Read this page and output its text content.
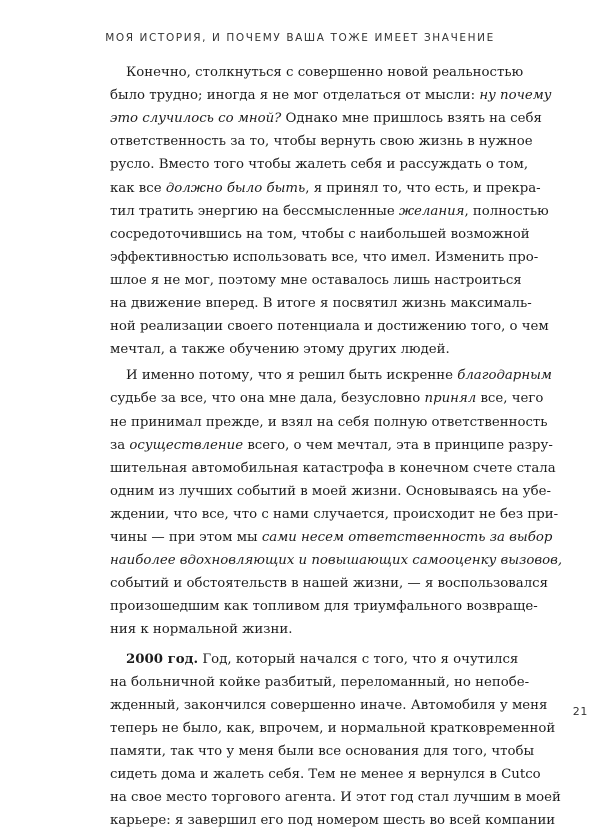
МОЯ ИСТОРИЯ, И ПОЧЕМУ ВАША ТОЖЕ ИМЕЕТ ЗНАЧЕНИЕ
Конечно, столкнуться с совершенно новой реальностью
было трудно; иногда я не мог отделаться от мысли: ну почему
это случилось со мной? Однако мне пришлось взять на себя
ответственность за то, чтобы вернуть свою жизнь в нужное
русло. Вместо того чтобы жалеть себя и рассуждать о том,
как все должно было быть, я принял то, что есть, и прекра-
тил тратить энергию на бессмысленные желания, полностью
сосредоточившись на том, чтобы с наибольшей возможной
эффективностью использовать все, что имел. Изменить про-
шлое я не мог, поэтому мне оставалось лишь настроиться
на движение вперед. В итоге я посвятил жизнь максималь-
ной реализации своего потенциала и достижению того, о чем
мечтал, а также обучению этому других людей.
И именно потому, что я решил быть искренне благодарным
судьбе за все, что она мне дала, безусловно принял все, чего
не принимал прежде, и взял на себя полную ответственность
за осуществление всего, о чем мечтал, эта в принципе разру-
шительная автомобильная катастрофа в конечном счете стала
одним из лучших событий в моей жизни. Основываясь на убе-
ждении, что все, что с нами случается, происходит не без при-
чины — при этом мы сами несем ответственность за выбор
наиболее вдохновляющих и повышающих самооценку вызовов,
событий и обстоятельств в нашей жизни, — я воспользовался
произошедшим как топливом для триумфального возвраще-
ния к нормальной жизни.
2000 год. Год, который начался с того, что я очутился
на больничной койке разбитый, переломанный, но непобе-
жденный, закончился совершенно иначе. Автомобиля у меня
теперь не было, как, впрочем, и нормальной кратковременной
памяти, так что у меня были все основания для того, чтобы
сидеть дома и жалеть себя. Тем не менее я вернулся в Cutco
на свое место торгового агента. И этот год стал лучшим в моей
карьере: я завершил его под номером шесть во всей компании
21
